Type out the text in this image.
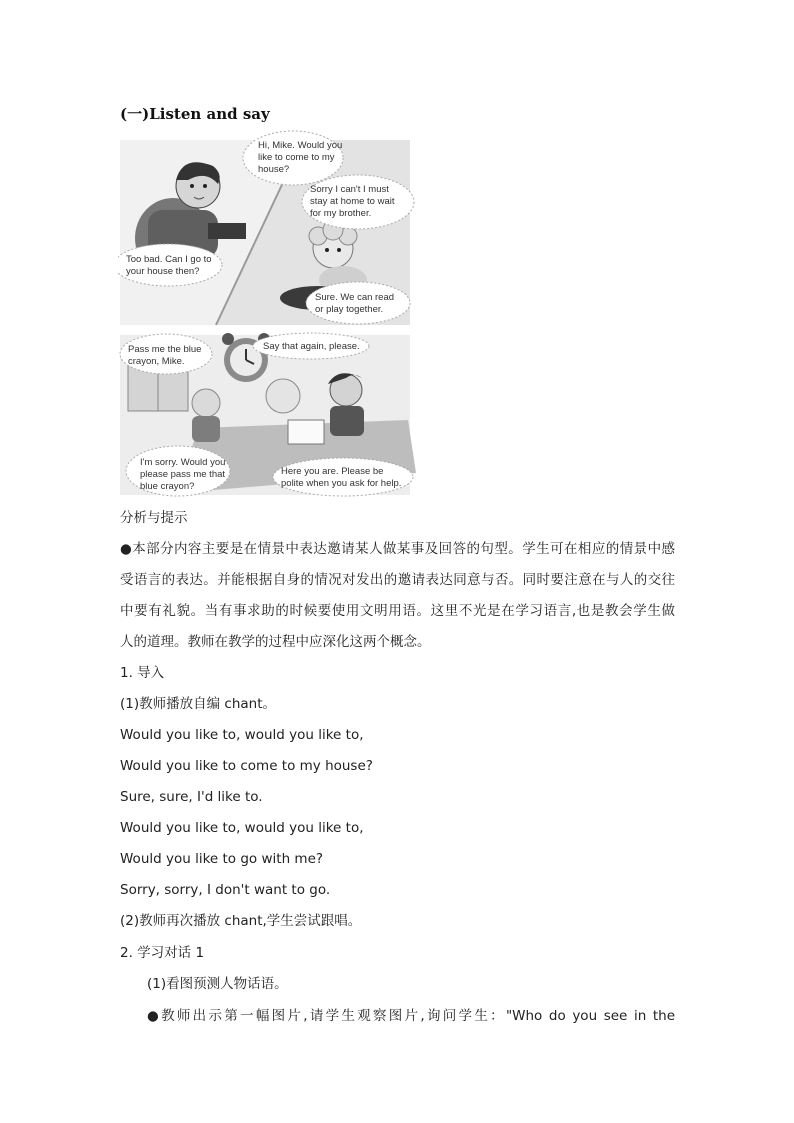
(一)Listen and say
Hi, Mike. Would you
like to come to my
house?
Sorry I can't I must
stay at home to wait
for my brother.
Too bad. Can I go to
your house then?
Sure. We can read
or play together.
Pass me the blue
crayon, Mike.
Say that again, please.
I'm sorry. Would you
please pass me that
blue crayon?
Here you are. Please be
polite when you ask for help.
分析与提示
●本部分内容主要是在情景中表达邀请某人做某事及回答的句型。学生可在相应的情景中感
受语言的表达。并能根据自身的情况对发出的邀请表达同意与否。同时要注意在与人的交往
中要有礼貌。当有事求助的时候要使用文明用语。这里不光是在学习语言,也是教会学生做
人的道理。教师在教学的过程中应深化这两个概念。
1. 导入
(1)教师播放自编 chant。
Would you like to, would you like to,
Would you like to come to my house?
Sure, sure, I'd like to.
Would you like to, would you like to,
Would you like to go with me?
Sorry, sorry, I don't want to go.
(2)教师再次播放 chant,学生尝试跟唱。
2. 学习对话 1
(1)看图预测人物话语。
●教师出示第一幅图片,请学生观察图片,询问学生："Who do you see in the
